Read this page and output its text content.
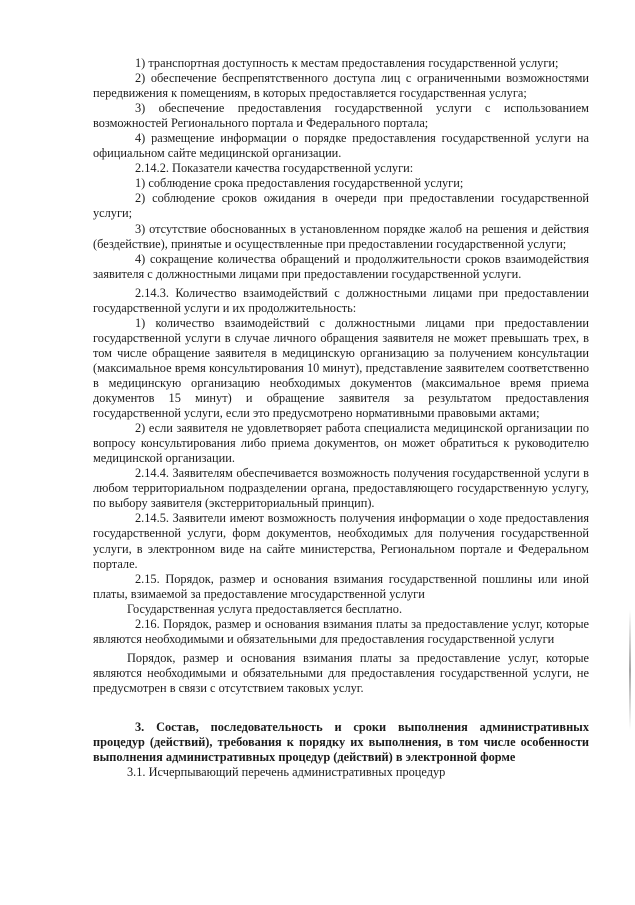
1) транспортная доступность к местам предоставления государственной услуги;

2) обеспечение беспрепятственного доступа лиц с ограниченными возможностями передвижения к помещениям, в которых предоставляется государственная услуга;

3) обеспечение предоставления государственной услуги с использованием возможностей Регионального портала и Федерального портала;

4) размещение информации о порядке предоставления государственной услуги на официальном сайте медицинской организации.

2.14.2. Показатели качества государственной услуги:

1) соблюдение срока предоставления государственной услуги;

2) соблюдение сроков ожидания в очереди при предоставлении государственной услуги;

3) отсутствие обоснованных в установленном порядке жалоб на решения и действия (бездействие), принятые и осуществленные при предоставлении государственной услуги;

4) сокращение количества обращений и продолжительности сроков взаимодействия заявителя с должностными лицами при предоставлении государственной услуги.

2.14.3. Количество взаимодействий с должностными лицами при предоставлении государственной услуги и их продолжительность:

1) количество взаимодействий с должностными лицами при предоставлении государственной услуги в случае личного обращения заявителя не может превышать трех, в том числе обращение заявителя в медицинскую организацию за получением консультации (максимальное время консультирования 10 минут), представление заявителем соответственно в медицинскую организацию необходимых документов (максимальное время приема документов 15 минут) и обращение заявителя за результатом предоставления государственной услуги, если это предусмотрено нормативными правовыми актами;

2) если заявителя не удовлетворяет работа специалиста медицинской организации по вопросу консультирования либо приема документов, он может обратиться к руководителю медицинской организации.

2.14.4. Заявителям обеспечивается возможность получения государственной услуги в любом территориальном подразделении органа, предоставляющего государственную услугу, по выбору заявителя (экстерриториальный принцип).

2.14.5. Заявители имеют возможность получения информации о ходе предоставления государственной услуги, форм документов, необходимых для получения государственной услуги, в электронном виде на сайте министерства, Региональном портале и Федеральном портале.

2.15. Порядок, размер и основания взимания государственной пошлины или иной платы, взимаемой за предоставление мгосударственной услуги

Государственная услуга предоставляется бесплатно.

2.16. Порядок, размер и основания взимания платы за предоставление услуг, которые являются необходимыми и обязательными для предоставления государственной услуги

Порядок, размер и основания взимания платы за предоставление услуг, которые являются необходимыми и обязательными для предоставления государственной услуги, не предусмотрен в связи с отсутствием таковых услуг.

3. Состав, последовательность и сроки выполнения административных процедур (действий), требования к порядку их выполнения, в том числе особенности выполнения административных процедур (действий) в электронной форме

3.1. Исчерпывающий перечень административных процедур
